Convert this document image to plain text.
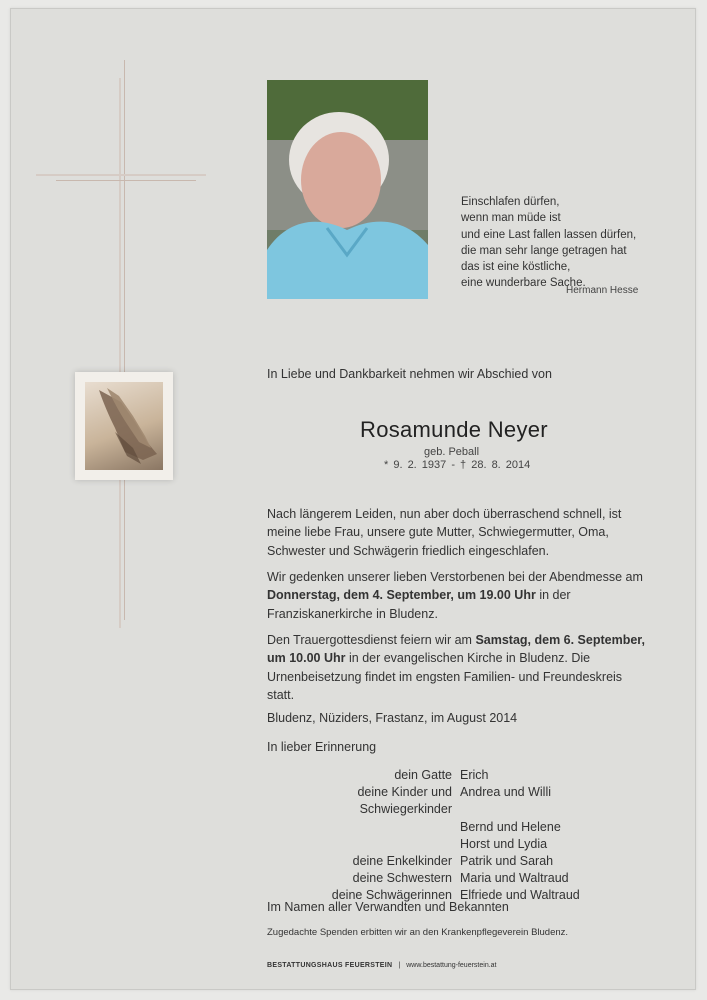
Einschlafen dürfen,
wenn man müde ist
und eine Last fallen lassen dürfen,
die man sehr lange getragen hat
das ist eine köstliche,
eine wunderbare Sache.
Hermann Hesse
In Liebe und Dankbarkeit nehmen wir Abschied von
Rosamunde Neyer
geb. Peball
* 9. 2. 1937 - † 28. 8. 2014
Nach längerem Leiden, nun aber doch überraschend schnell, ist meine liebe Frau, unsere gute Mutter, Schwiegermutter, Oma, Schwester und Schwägerin friedlich eingeschlafen.
Wir gedenken unserer lieben Verstorbenen bei der Abendmesse am Donnerstag, dem 4. September, um 19.00 Uhr in der Franziskanerkirche in Bludenz.
Den Trauergottesdienst feiern wir am Samstag, dem 6. September, um 10.00 Uhr in der evangelischen Kirche in Bludenz. Die Urnenbeisetzung findet im engsten Familien- und Freundeskreis statt.
Bludenz, Nüziders, Frastanz, im August 2014
In lieber Erinnerung
dein Gatte Erich
deine Kinder und Schwiegerkinder
Andrea und Willi
Bernd und Helene
Horst und Lydia
deine Enkelkinder Patrik und Sarah
deine Schwestern Maria und Waltraud
deine Schwägerinnen Elfriede und Waltraud
Im Namen aller Verwandten und Bekannten
Zugedachte Spenden erbitten wir an den Krankenpflegeverein Bludenz.
BESTATTUNGSHAUS FEUERSTEIN | www.bestattung-feuerstein.at
